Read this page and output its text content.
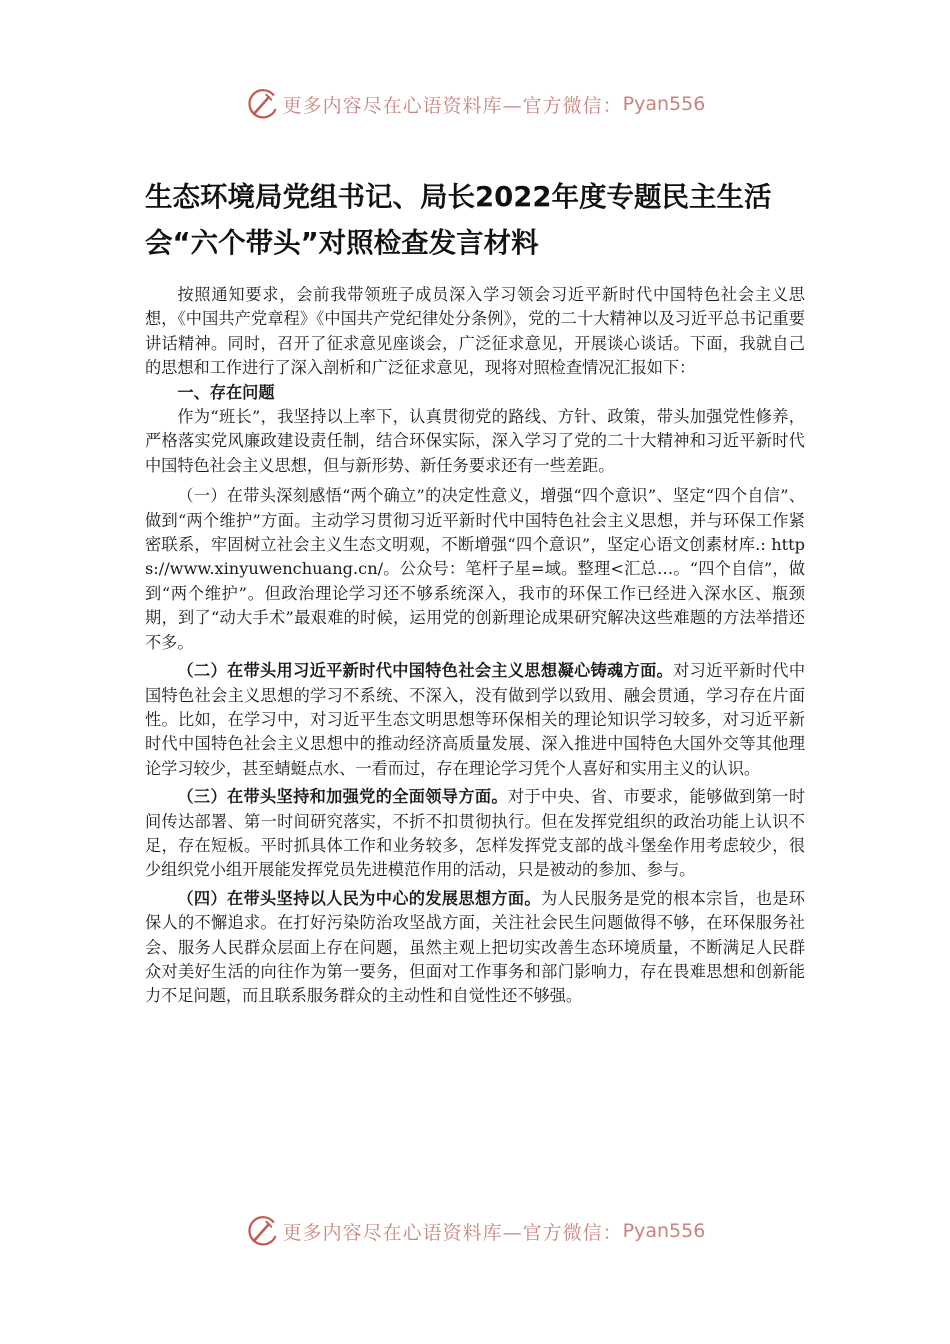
更多内容尽在心语资料库—官方微信： Pyan556
生态环境局党组书记、局长2022年度专题民主生活
会“六个带头”对照检查发言材料

按照通知要求，会前我带领班子成员深入学习领会习近平新时代中国特色社会主义思想，《中国共产党章程》《中国共产党纪律处分条例》，党的二十大精神以及习近平总书记重要讲话精神。同时，召开了征求意见座谈会，广泛征求意见，开展谈心谈话。下面，我就自己的思想和工作进行了深入剖析和广泛征求意见，现将对照检查情况汇报如下：

一、存在问题

作为“班长”，我坚持以上率下，认真贯彻党的路线、方针、政策，带头加强党性修养，严格落实党风廉政建设责任制，结合环保实际，深入学习了党的二十大精神和习近平新时代中国特色社会主义思想，但与新形势、新任务要求还有一些差距。

（一）在带头深刻感悟“两个确立”的决定性意义，增强“四个意识”、坚定“四个自信”、做到“两个维护”方面。主动学习贯彻习近平新时代中国特色社会主义思想，并与环保工作紧密联系，牢固树立社会主义生态文明观，不断增强“四个意识”，坚定心语文创素材库.: https://www.xinyuwenchuang.cn/。公众号：笔杆子星=域。整理<汇总…。“四个自信”，做到“两个维护”。但政治理论学习还不够系统深入，我市的环保工作已经进入深水区、瓶颈期，到了“动大手术”最艰难的时候，运用党的创新理论成果研究解决这些难题的方法举措还不多。

（二）在带头用习近平新时代中国特色社会主义思想凝心铸魂方面。对习近平新时代中国特色社会主义思想的学习不系统、不深入，没有做到学以致用、融会贯通，学习存在片面性。比如，在学习中，对习近平生态文明思想等环保相关的理论知识学习较多，对习近平新时代中国特色社会主义思想中的推动经济高质量发展、深入推进中国特色大国外交等其他理论学习较少，甚至蜻蜓点水、一看而过，存在理论学习凭个人喜好和实用主义的认识。

（三）在带头坚持和加强党的全面领导方面。对于中央、省、市要求，能够做到第一时间传达部署、第一时间研究落实，不折不扣贯彻执行。但在发挥党组织的政治功能上认识不足，存在短板。平时抓具体工作和业务较多，怎样发挥党支部的战斗堡垒作用考虑较少，很少组织党小组开展能发挥党员先进模范作用的活动，只是被动的参加、参与。

（四）在带头坚持以人民为中心的发展思想方面。为人民服务是党的根本宗旨，也是环保人的不懈追求。在打好污染防治攻坚战方面，关注社会民生问题做得不够，在环保服务社会、服务人民群众层面上存在问题，虽然主观上把切实改善生态环境质量，不断满足人民群众对美好生活的向往作为第一要务，但面对工作事务和部门影响力，存在畏难思想和创新能力不足问题，而且联系服务群众的主动性和自觉性还不够强。

更多内容尽在心语资料库—官方微信： Pyan556
